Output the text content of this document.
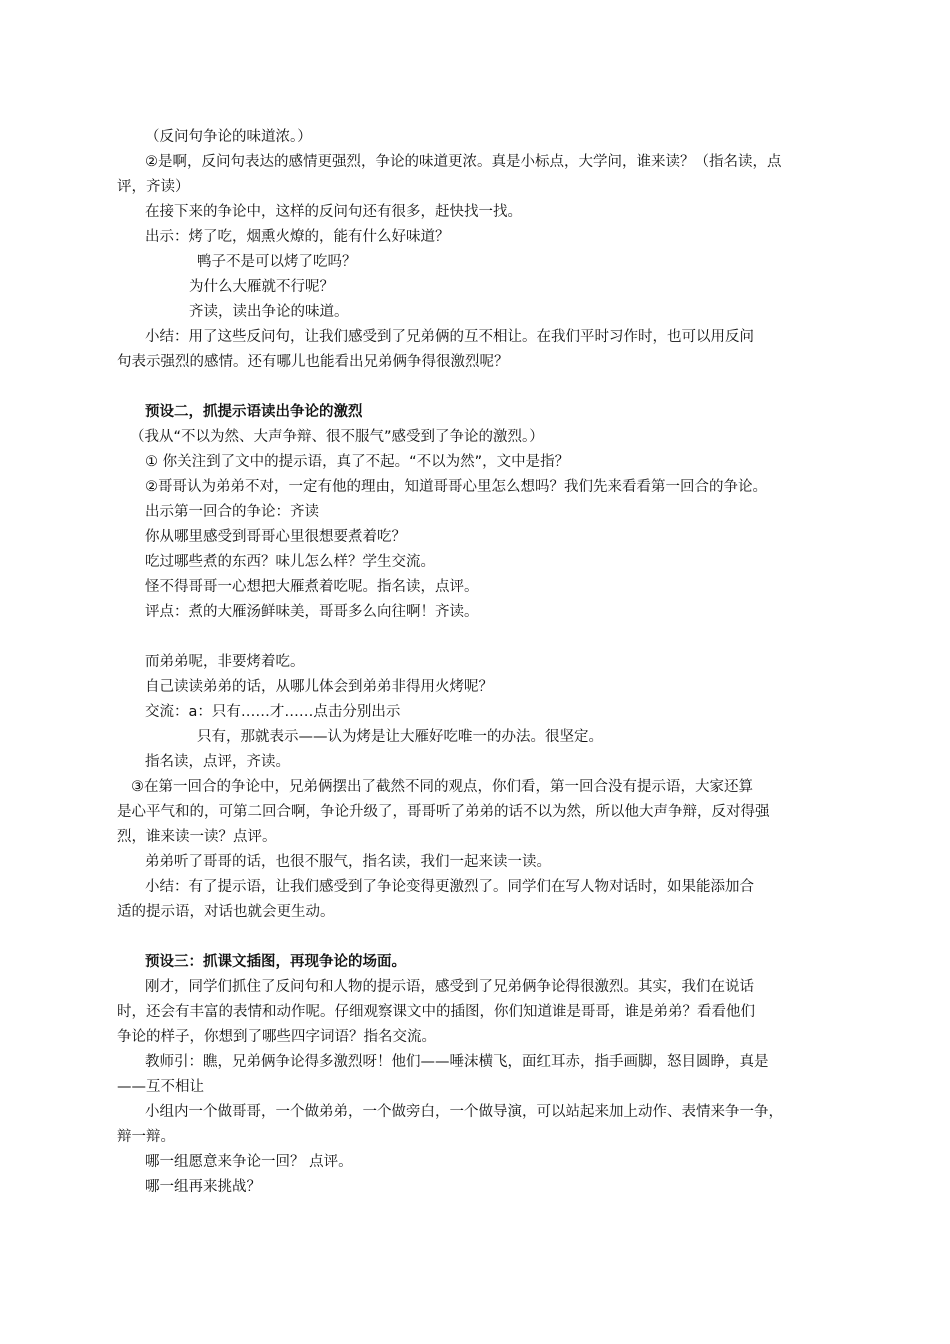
（反问句争论的味道浓。）
②是啊，反问句表达的感情更强烈，争论的味道更浓。真是小标点，大学问，谁来读？（指名读，点
评，齐读）
在接下来的争论中，这样的反问句还有很多，赶快找一找。
出示：烤了吃，烟熏火燎的，能有什么好味道？
鸭子不是可以烤了吃吗？
为什么大雁就不行呢？
齐读，读出争论的味道。
小结：用了这些反问句，让我们感受到了兄弟俩的互不相让。在我们平时习作时，也可以用反问
句表示强烈的感情。还有哪儿也能看出兄弟俩争得很激烈呢？
预设二，抓提示语读出争论的激烈
（我从“不以为然、大声争辩、很不服气”感受到了争论的激烈。）
① 你关注到了文中的提示语，真了不起。“不以为然”，文中是指？
②哥哥认为弟弟不对，一定有他的理由，知道哥哥心里怎么想吗？我们先来看看第一回合的争论。
出示第一回合的争论：齐读
你从哪里感受到哥哥心里很想要煮着吃？
吃过哪些煮的东西？味儿怎么样？学生交流。
怪不得哥哥一心想把大雁煮着吃呢。指名读，点评。
评点：煮的大雁汤鲜味美，哥哥多么向往啊！齐读。
而弟弟呢，非要烤着吃。
自己读读弟弟的话，从哪儿体会到弟弟非得用火烤呢？
交流：a：只有……才……点击分别出示
只有，那就表示——认为烤是让大雁好吃唯一的办法。很坚定。
指名读，点评，齐读。
③在第一回合的争论中，兄弟俩摆出了截然不同的观点，你们看，第一回合没有提示语，大家还算
是心平气和的，可第二回合啊，争论升级了，哥哥听了弟弟的话不以为然，所以他大声争辩，反对得强
烈，谁来读一读？点评。
弟弟听了哥哥的话，也很不服气，指名读，我们一起来读一读。
小结：有了提示语，让我们感受到了争论变得更激烈了。同学们在写人物对话时，如果能添加合
适的提示语，对话也就会更生动。
预设三：抓课文插图，再现争论的场面。
刚才，同学们抓住了反问句和人物的提示语，感受到了兄弟俩争论得很激烈。其实，我们在说话
时，还会有丰富的表情和动作呢。仔细观察课文中的插图，你们知道谁是哥哥，谁是弟弟？看看他们
争论的样子，你想到了哪些四字词语？指名交流。
教师引：瞧，兄弟俩争论得多激烈呀！他们——唾沫横飞，面红耳赤，指手画脚，怒目圆睁，真是
——互不相让
小组内一个做哥哥，一个做弟弟，一个做旁白，一个做导演，可以站起来加上动作、表情来争一争，
辩一辩。
哪一组愿意来争论一回？ 点评。
哪一组再来挑战？
